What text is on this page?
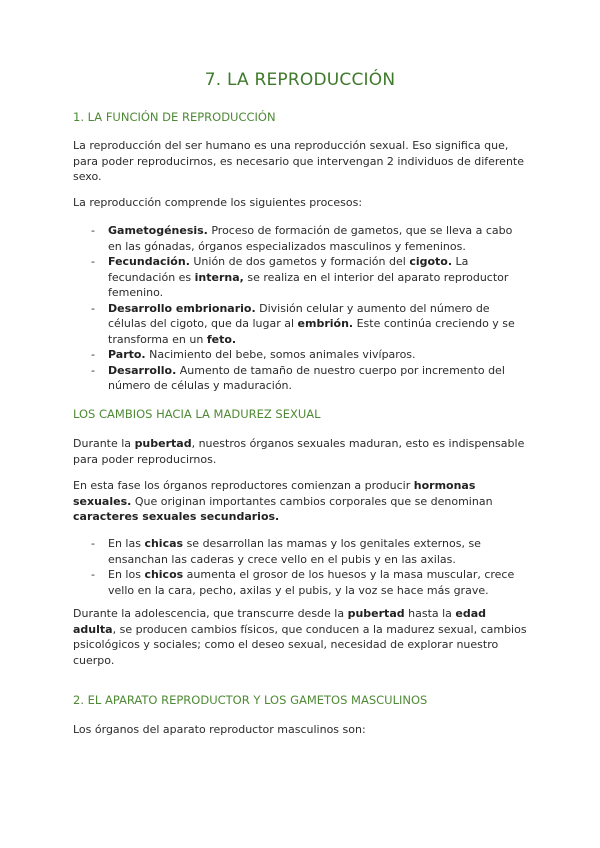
7. LA REPRODUCCIÓN
1. LA FUNCIÓN DE REPRODUCCIÓN

La reproducción del ser humano es una reproducción sexual. Eso significa que, para poder reproducirnos, es necesario que intervengan 2 individuos de diferente sexo.

La reproducción comprende los siguientes procesos:

- Gametogénesis. Proceso de formación de gametos, que se lleva a cabo en las gónadas, órganos especializados masculinos y femeninos.
- Fecundación. Unión de dos gametos y formación del cigoto. La fecundación es interna, se realiza en el interior del aparato reproductor femenino.
- Desarrollo embrionario. División celular y aumento del número de células del cigoto, que da lugar al embrión. Este continúa creciendo y se transforma en un feto.
- Parto. Nacimiento del bebe, somos animales vivíparos.
- Desarrollo. Aumento de tamaño de nuestro cuerpo por incremento del número de células y maduración.
LOS CAMBIOS HACIA LA MADUREZ SEXUAL

Durante la pubertad, nuestros órganos sexuales maduran, esto es indispensable para poder reproducirnos.

En esta fase los órganos reproductores comienzan a producir hormonas sexuales. Que originan importantes cambios corporales que se denominan caracteres sexuales secundarios.

- En las chicas se desarrollan las mamas y los genitales externos, se ensanchan las caderas y crece vello en el pubis y en las axilas.
- En los chicos aumenta el grosor de los huesos y la masa muscular, crece vello en la cara, pecho, axilas y el pubis, y la voz se hace más grave.

Durante la adolescencia, que transcurre desde la pubertad hasta la edad adulta, se producen cambios físicos, que conducen a la madurez sexual, cambios psicológicos y sociales; como el deseo sexual, necesidad de explorar nuestro cuerpo.

2. EL APARATO REPRODUCTOR Y LOS GAMETOS MASCULINOS

Los órganos del aparato reproductor masculinos son:
